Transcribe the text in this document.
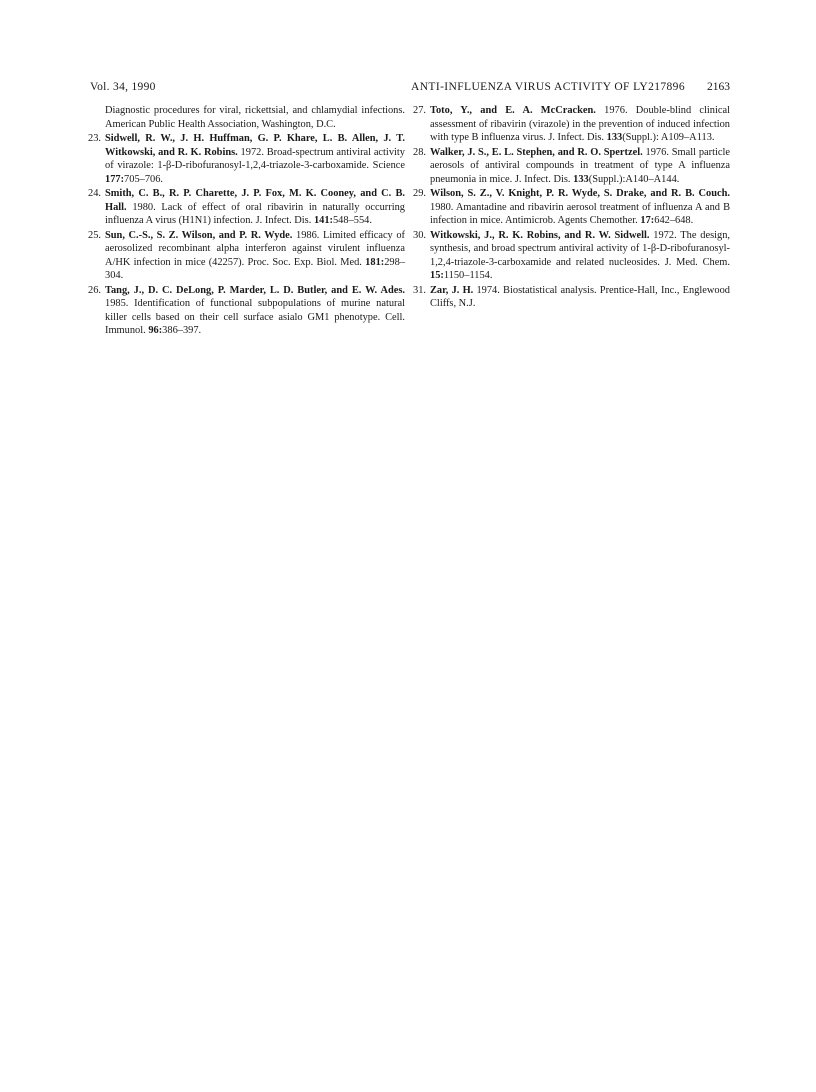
Vol. 34, 1990	ANTI-INFLUENZA VIRUS ACTIVITY OF LY217896 2163

Diagnostic procedures for viral, rickettsial, and chlamydial infections. American Public Health Association, Washington, D.C.

23. Sidwell, R. W., J. H. Huffman, G. P. Khare, L. B. Allen, J. T. Witkowski, and R. K. Robins. 1972. Broad-spectrum antiviral activity of virazole: 1-β-D-ribofuranosyl-1,2,4-triazole-3-carboxamide. Science 177:705–706.

24. Smith, C. B., R. P. Charette, J. P. Fox, M. K. Cooney, and C. B. Hall. 1980. Lack of effect of oral ribavirin in naturally occurring influenza A virus (H1N1) infection. J. Infect. Dis. 141:548–554.

25. Sun, C.-S., S. Z. Wilson, and P. R. Wyde. 1986. Limited efficacy of aerosolized recombinant alpha interferon against virulent influenza A/HK infection in mice (42257). Proc. Soc. Exp. Biol. Med. 181:298–304.

26. Tang, J., D. C. DeLong, P. Marder, L. D. Butler, and E. W. Ades. 1985. Identification of functional subpopulations of murine natural killer cells based on their cell surface asialo GM1 phenotype. Cell. Immunol. 96:386–397.

27. Toto, Y., and E. A. McCracken. 1976. Double-blind clinical assessment of ribavirin (virazole) in the prevention of induced infection with type B influenza virus. J. Infect. Dis. 133(Suppl.): A109–A113.

28. Walker, J. S., E. L. Stephen, and R. O. Spertzel. 1976. Small particle aerosols of antiviral compounds in treatment of type A influenza pneumonia in mice. J. Infect. Dis. 133(Suppl.):A140–A144.

29. Wilson, S. Z., V. Knight, P. R. Wyde, S. Drake, and R. B. Couch. 1980. Amantadine and ribavirin aerosol treatment of influenza A and B infection in mice. Antimicrob. Agents Chemother. 17:642–648.

30. Witkowski, J., R. K. Robins, and R. W. Sidwell. 1972. The design, synthesis, and broad spectrum antiviral activity of 1-β-D-ribofuranosyl-1,2,4-triazole-3-carboxamide and related nucleosides. J. Med. Chem. 15:1150–1154.

31. Zar, J. H. 1974. Biostatistical analysis. Prentice-Hall, Inc., Englewood Cliffs, N.J.
